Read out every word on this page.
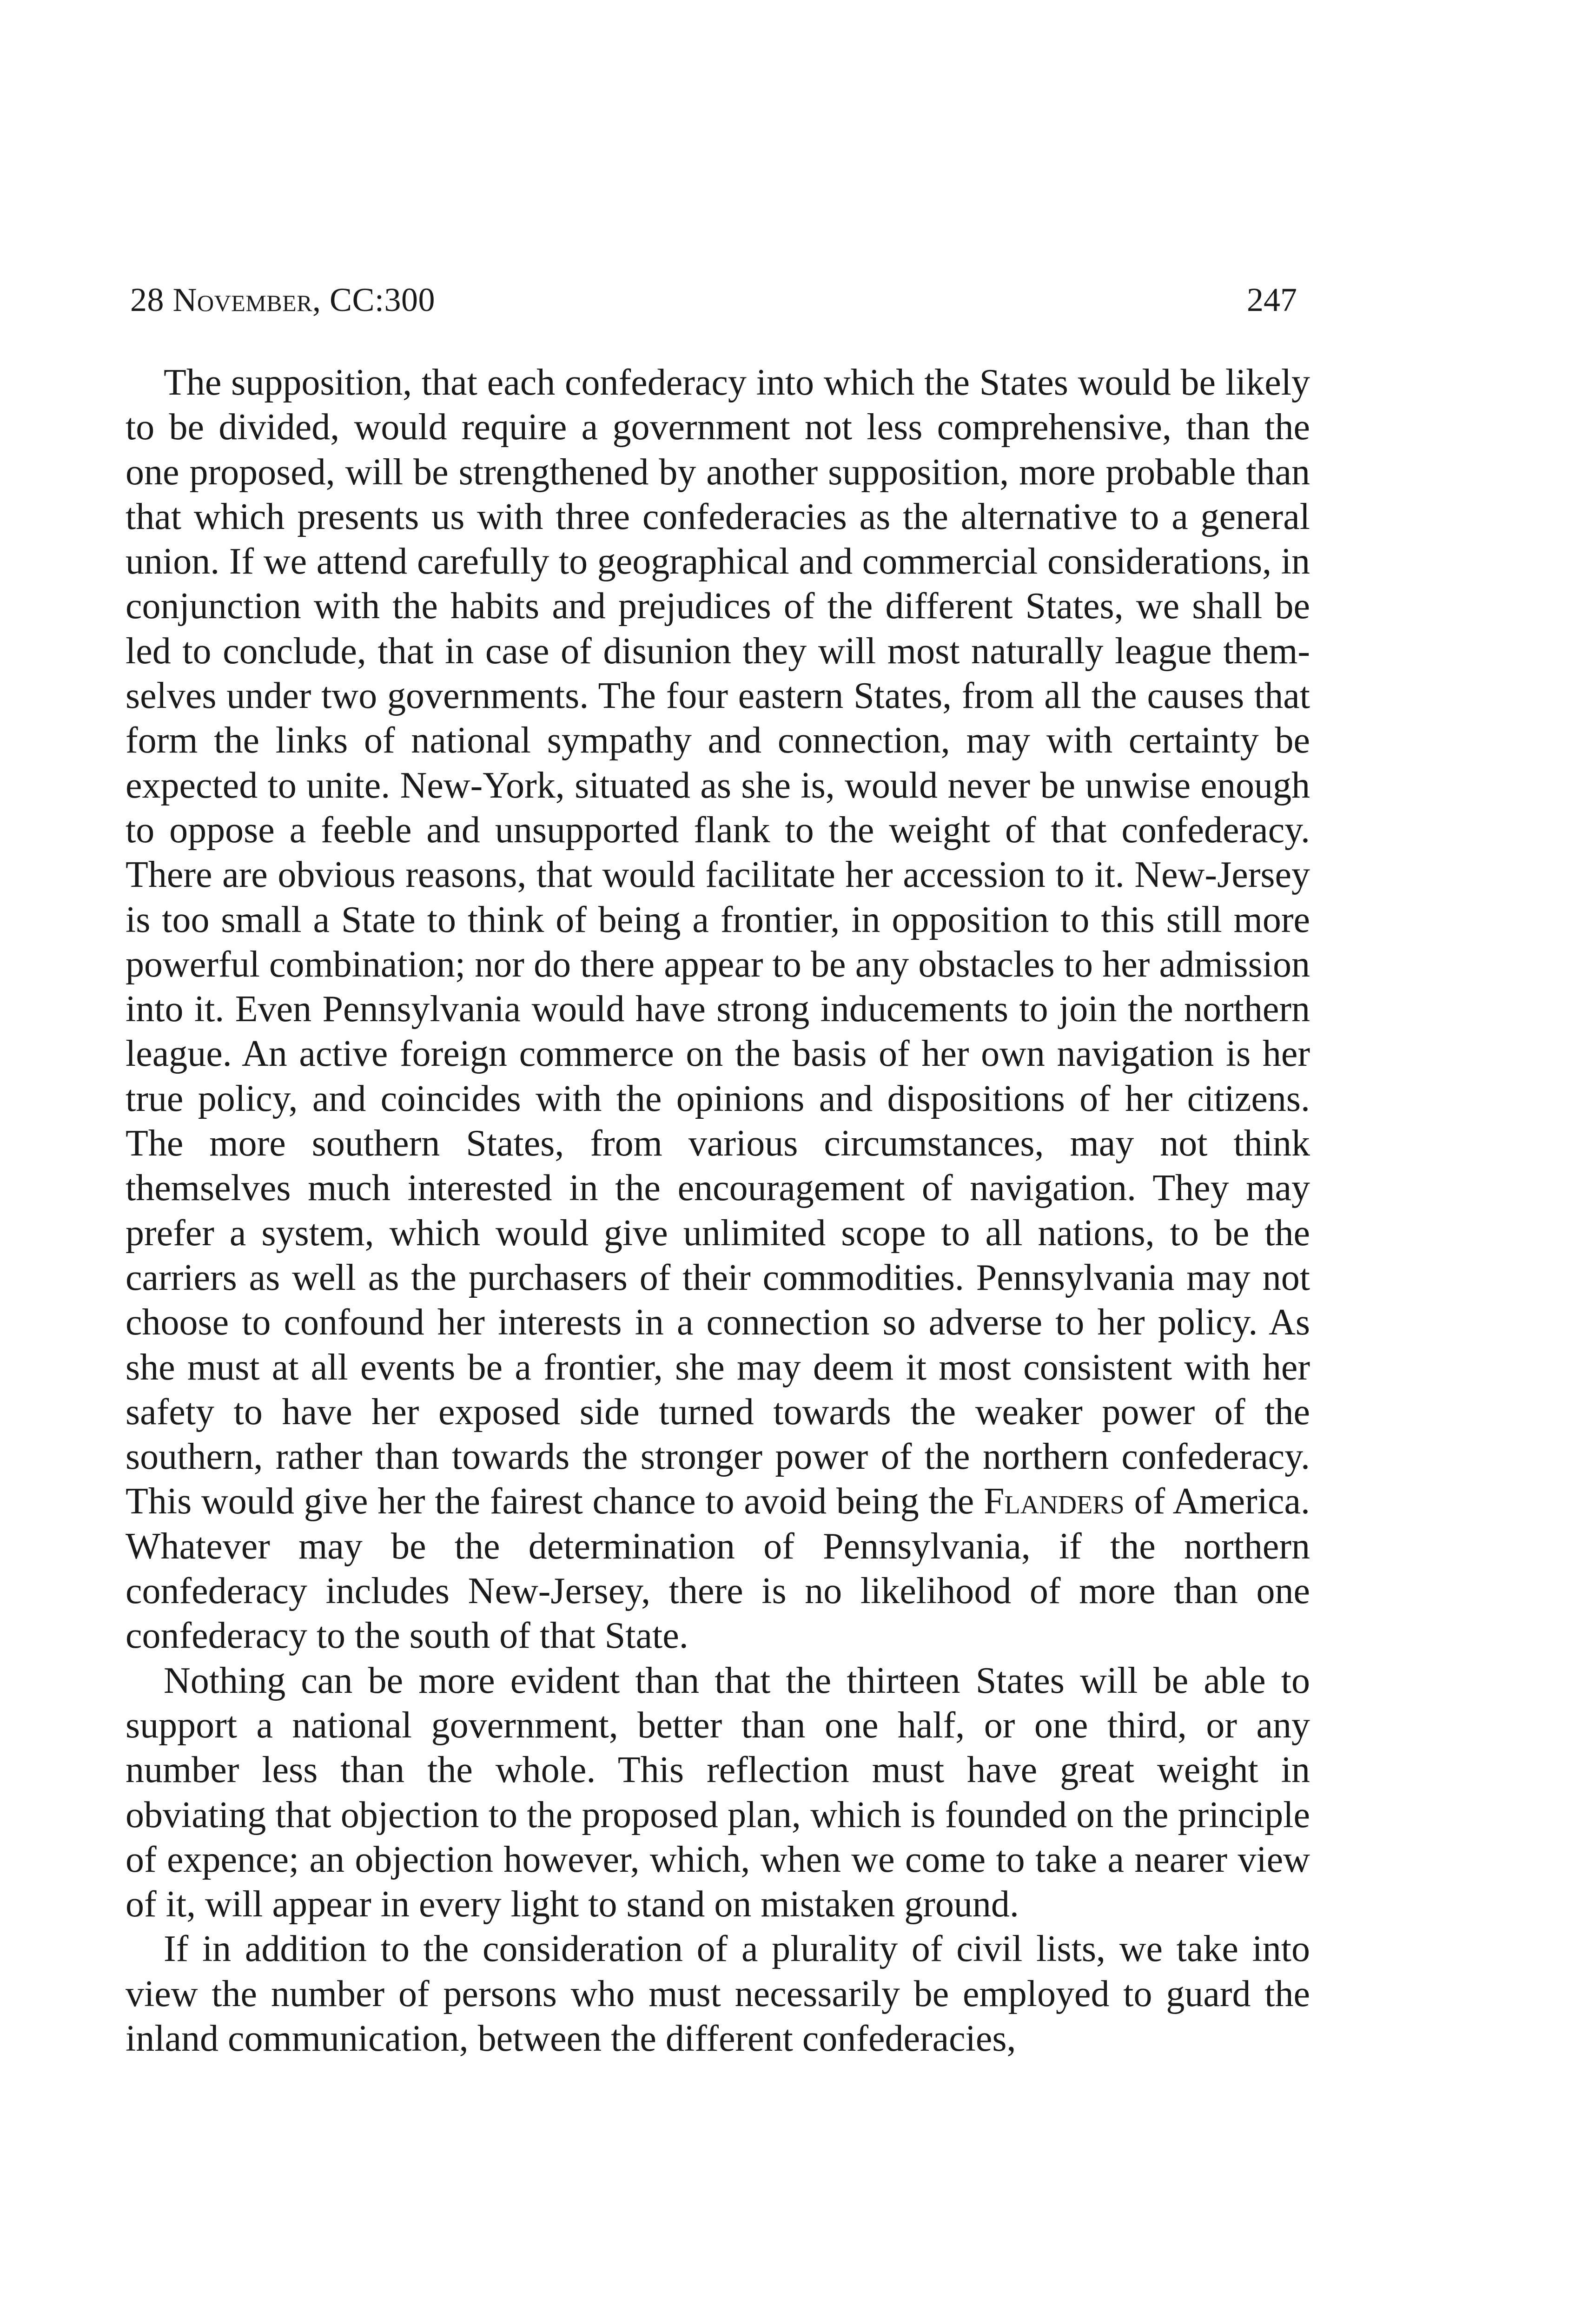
28 November, CC:300	247

The supposition, that each confederacy into which the States would be likely to be divided, would require a government not less comprehensive, than the one proposed, will be strengthened by another supposition, more probable than that which presents us with three confederacies as the alternative to a general union. If we attend carefully to geographical and commercial considerations, in conjunction with the habits and prejudices of the different States, we shall be led to conclude, that in case of disunion they will most naturally league themselves under two governments. The four eastern States, from all the causes that form the links of national sympathy and connection, may with certainty be expected to unite. New-York, situated as she is, would never be unwise enough to oppose a feeble and unsupported flank to the weight of that confederacy. There are obvious reasons, that would facilitate her accession to it. New-Jersey is too small a State to think of being a frontier, in opposition to this still more powerful combination; nor do there appear to be any obstacles to her admission into it. Even Pennsylvania would have strong inducements to join the northern league. An active foreign commerce on the basis of her own navigation is her true policy, and coincides with the opinions and dispositions of her citizens. The more southern States, from various circumstances, may not think themselves much interested in the encouragement of navigation. They may prefer a system, which would give unlimited scope to all nations, to be the carriers as well as the purchasers of their commodities. Pennsylvania may not choose to confound her interests in a connection so adverse to her policy. As she must at all events be a frontier, she may deem it most consistent with her safety to have her exposed side turned towards the weaker power of the southern, rather than towards the stronger power of the northern confederacy. This would give her the fairest chance to avoid being the Flanders of America. Whatever may be the determination of Pennsylvania, if the northern confederacy includes New-Jersey, there is no likelihood of more than one confederacy to the south of that State.

Nothing can be more evident than that the thirteen States will be able to support a national government, better than one half, or one third, or any number less than the whole. This reflection must have great weight in obviating that objection to the proposed plan, which is founded on the principle of expence; an objection however, which, when we come to take a nearer view of it, will appear in every light to stand on mistaken ground.

If in addition to the consideration of a plurality of civil lists, we take into view the number of persons who must necessarily be employed to guard the inland communication, between the different confederacies,
